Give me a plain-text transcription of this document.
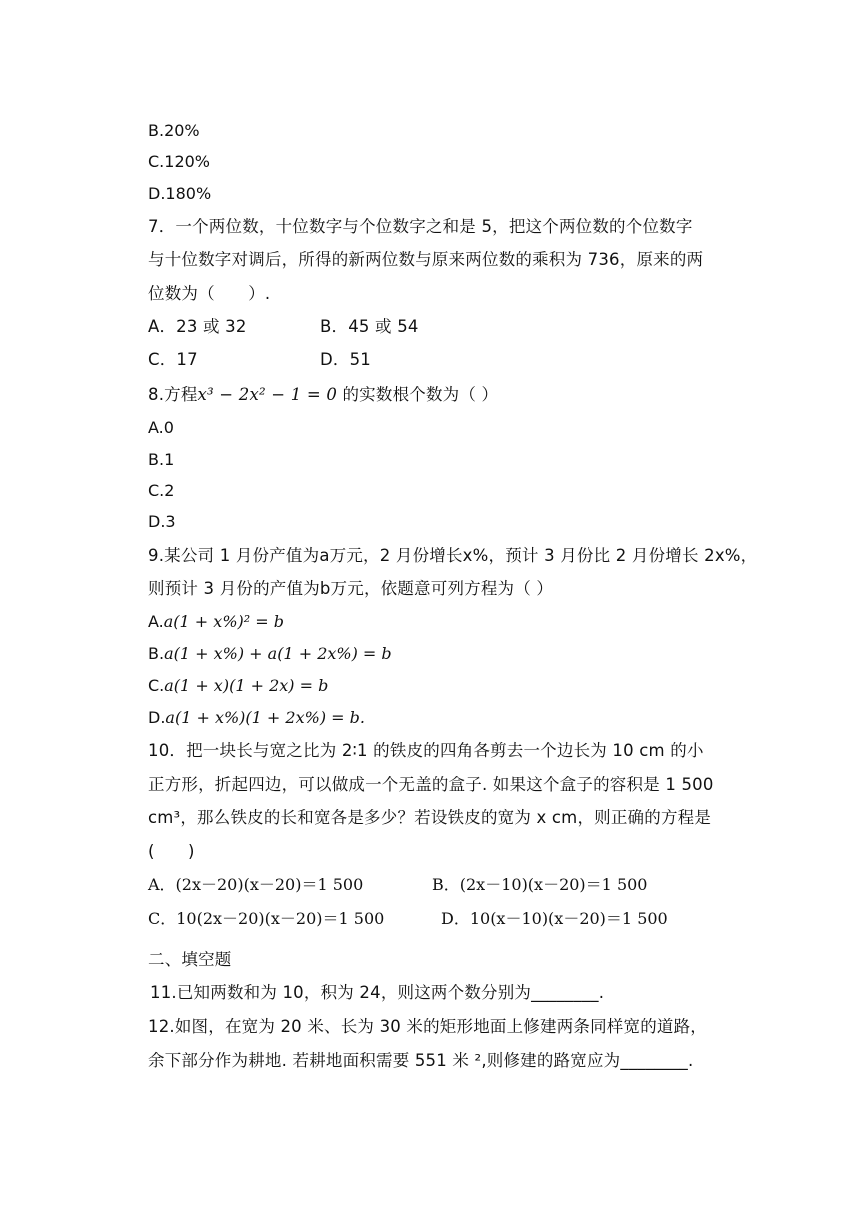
B.20%
C.120%
D.180%
7．一个两位数，十位数字与个位数字之和是 5，把这个两位数的个位数字
与十位数字对调后，所得的新两位数与原来两位数的乘积为 736，原来的两
位数为（　　）.
A．23 或 32	B．45 或 54
C．17	D．51
8.方程x³ − 2x² − 1 = 0 的实数根个数为（ ）
A.0
B.1
C.2
D.3
9.某公司 1 月份产值为a万元，2 月份增长x%，预计 3 月份比 2 月份增长 2x%，
则预计 3 月份的产值为b万元，依题意可列方程为（ ）
A.a(1 + x%)² = b
B.a(1 + x%) + a(1 + 2x%) = b
C.a(1 + x)(1 + 2x) = b
D.a(1 + x%)(1 + 2x%) = b.
10．把一块长与宽之比为 2∶1 的铁皮的四角各剪去一个边长为 10 cm 的小
正方形，折起四边，可以做成一个无盖的盒子. 如果这个盒子的容积是 1 500
cm³，那么铁皮的长和宽各是多少？若设铁皮的宽为 x cm，则正确的方程是
(　　)
A．(2x－20)(x－20)＝1 500	B．(2x－10)(x－20)＝1 500
C．10(2x－20)(x－20)＝1 500	D．10(x－10)(x－20)＝1 500
二、填空题
11.已知两数和为 10，积为 24，则这两个数分别为________.
12.如图，在宽为 20 米、长为 30 米的矩形地面上修建两条同样宽的道路，
余下部分作为耕地. 若耕地面积需要 551 米 ²,则修建的路宽应为________.
